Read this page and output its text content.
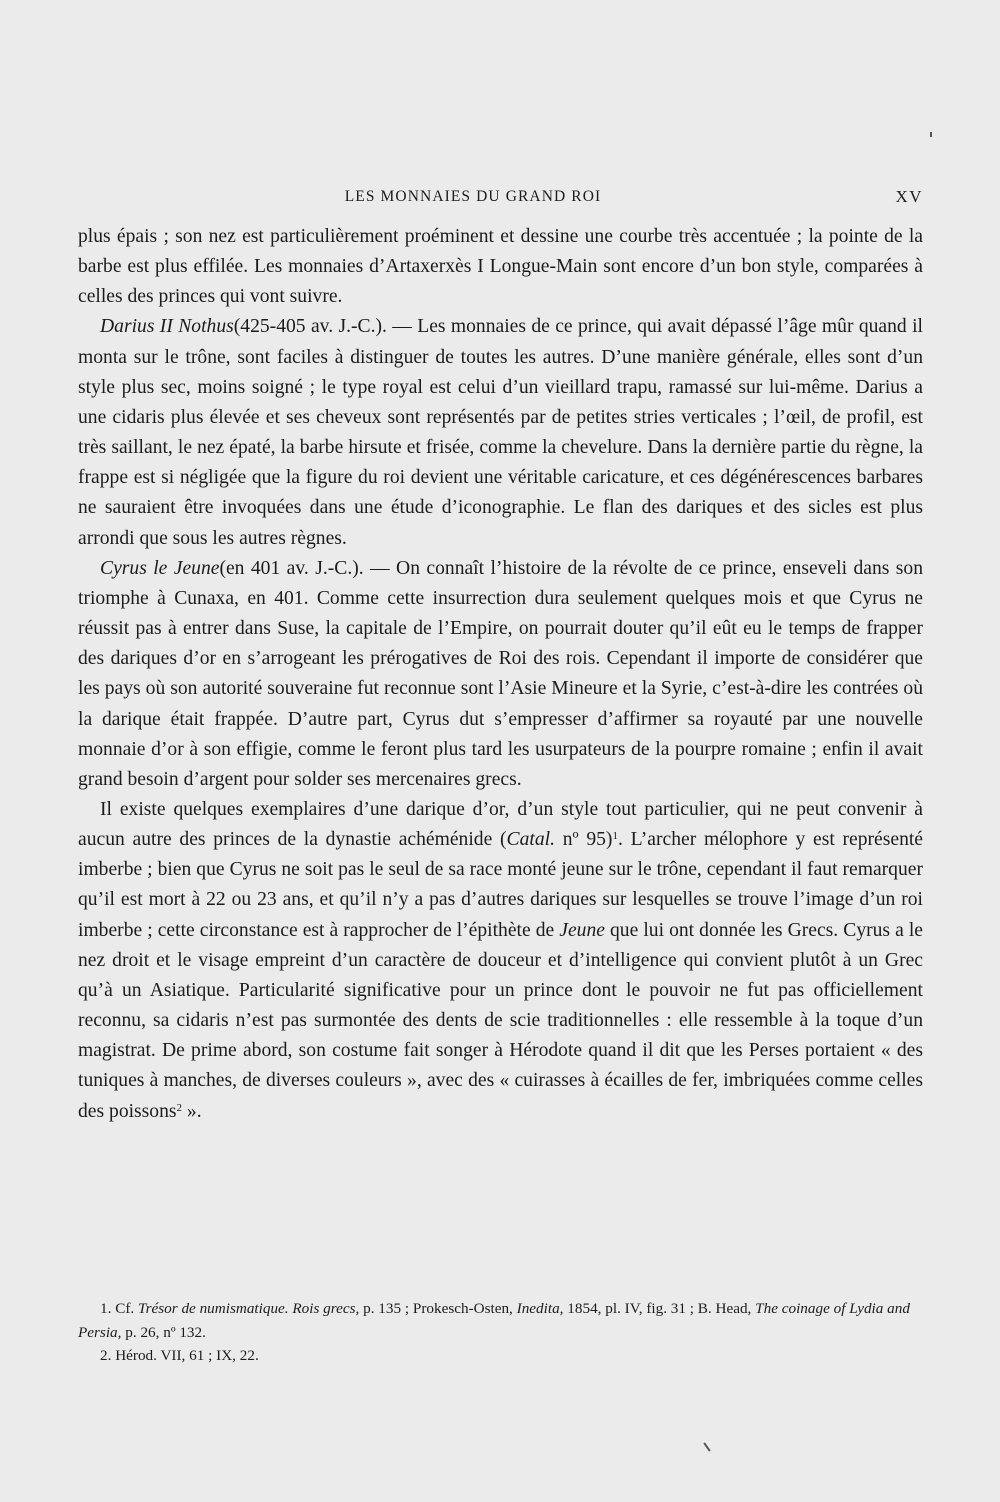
LES MONNAIES DU GRAND ROI	XV

plus épais ; son nez est particulièrement proéminent et dessine une courbe très accentuée ; la pointe de la barbe est plus effilée. Les monnaies d’Artaxerxès I Longue-Main sont encore d’un bon style, comparées à celles des princes qui vont suivre.

Darius II Nothus(425-405 av. J.-C.). — Les monnaies de ce prince, qui avait dépassé l’âge mûr quand il monta sur le trône, sont faciles à distinguer de toutes les autres. D’une manière générale, elles sont d’un style plus sec, moins soigné ; le type royal est celui d’un vieillard trapu, ramassé sur lui-même. Darius a une cidaris plus élevée et ses cheveux sont représentés par de petites stries verticales ; l’œil, de profil, est très saillant, le nez épaté, la barbe hirsute et frisée, comme la chevelure. Dans la dernière partie du règne, la frappe est si négligée que la figure du roi devient une véritable caricature, et ces dégénérescences barbares ne sauraient être invoquées dans une étude d’iconographie. Le flan des dariques et des sicles est plus arrondi que sous les autres règnes.

Cyrus le Jeune(en 401 av. J.-C.). — On connaît l’histoire de la révolte de ce prince, enseveli dans son triomphe à Cunaxa, en 401. Comme cette insurrection dura seulement quelques mois et que Cyrus ne réussit pas à entrer dans Suse, la capitale de l’Empire, on pourrait douter qu’il eût eu le temps de frapper des dariques d’or en s’arrogeant les prérogatives de Roi des rois. Cependant il importe de considérer que les pays où son autorité souveraine fut reconnue sont l’Asie Mineure et la Syrie, c’est-à-dire les contrées où la darique était frappée. D’autre part, Cyrus dut s’empresser d’affirmer sa royauté par une nouvelle monnaie d’or à son effigie, comme le feront plus tard les usurpateurs de la pourpre romaine ; enfin il avait grand besoin d’argent pour solder ses mercenaires grecs.

Il existe quelques exemplaires d’une darique d’or, d’un style tout particulier, qui ne peut convenir à aucun autre des princes de la dynastie achéménide (Catal. nº 95)$^1$. L’archer mélophore y est représenté imberbe ; bien que Cyrus ne soit pas le seul de sa race monté jeune sur le trône, cependant il faut remarquer qu’il est mort à 22 ou 23 ans, et qu’il n’y a pas d’autres dariques sur lesquelles se trouve l’image d’un roi imberbe ; cette circonstance est à rapprocher de l’épithète de Jeune que lui ont donnée les Grecs. Cyrus a le nez droit et le visage empreint d’un caractère de douceur et d’intelligence qui convient plutôt à un Grec qu’à un Asiatique. Particularité significative pour un prince dont le pouvoir ne fut pas officiellement reconnu, sa cidaris n’est pas surmontée des dents de scie traditionnelles : elle ressemble à la toque d’un magistrat. De prime abord, son costume fait songer à Hérodote quand il dit que les Perses portaient « des tuniques à manches, de diverses couleurs », avec des « cuirasses à écailles de fer, imbriquées comme celles des poissons$^2$ ».

1. Cf. Trésor de numismatique. Rois grecs, p. 135 ; Prokesch-Osten, Inedita, 1854, pl. IV, fig. 31 ; B. Head, The coinage of Lydia and Persia, p. 26, nº 132.

2. Hérod. VII, 61 ; IX, 22.
